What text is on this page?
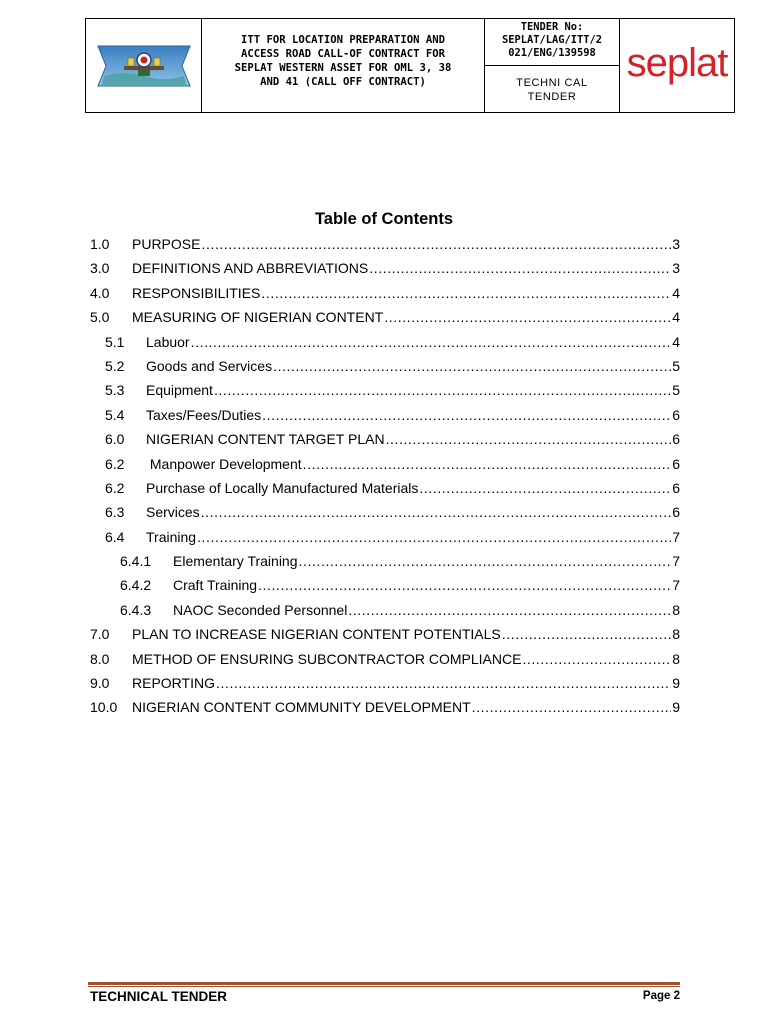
ITT FOR LOCATION PREPARATION AND
ACCESS ROAD CALL-OF CONTRACT FOR
SEPLAT WESTERN ASSET FOR OML 3, 38
AND 41 (CALL OFF CONTRACT)
TENDER No:
SEPLAT/LAG/ITT/2
021/ENG/139598
TECHNI CAL
TENDER
seplat
Table of Contents
1.0	PURPOSE .....	3
3.0	DEFINITIONS AND ABBREVIATIONS .....	3
4.0	RESPONSIBILITIES .....	4
5.0	MEASURING OF NIGERIAN CONTENT .....	4
5.1	Labuor .....	4
5.2	Goods and Services .....	5
5.3	Equipment .....	5
5.4	Taxes/Fees/Duties .....	6
6.0	NIGERIAN CONTENT TARGET PLAN .....	6
6.2	Manpower Development .....	6
6.2	Purchase of Locally Manufactured Materials .....	6
6.3	Services .....	6
6.4	Training .....	7
6.4.1	Elementary Training .....	7
6.4.2	Craft Training .....	7
6.4.3	NAOC Seconded Personnel .....	8
7.0	PLAN TO INCREASE NIGERIAN CONTENT POTENTIALS .....	8
8.0	METHOD OF ENSURING SUBCONTRACTOR COMPLIANCE .....	8
9.0	REPORTING .....	9
10.0	NIGERIAN CONTENT COMMUNITY DEVELOPMENT .....	9
TECHNICAL TENDER	Page 2
